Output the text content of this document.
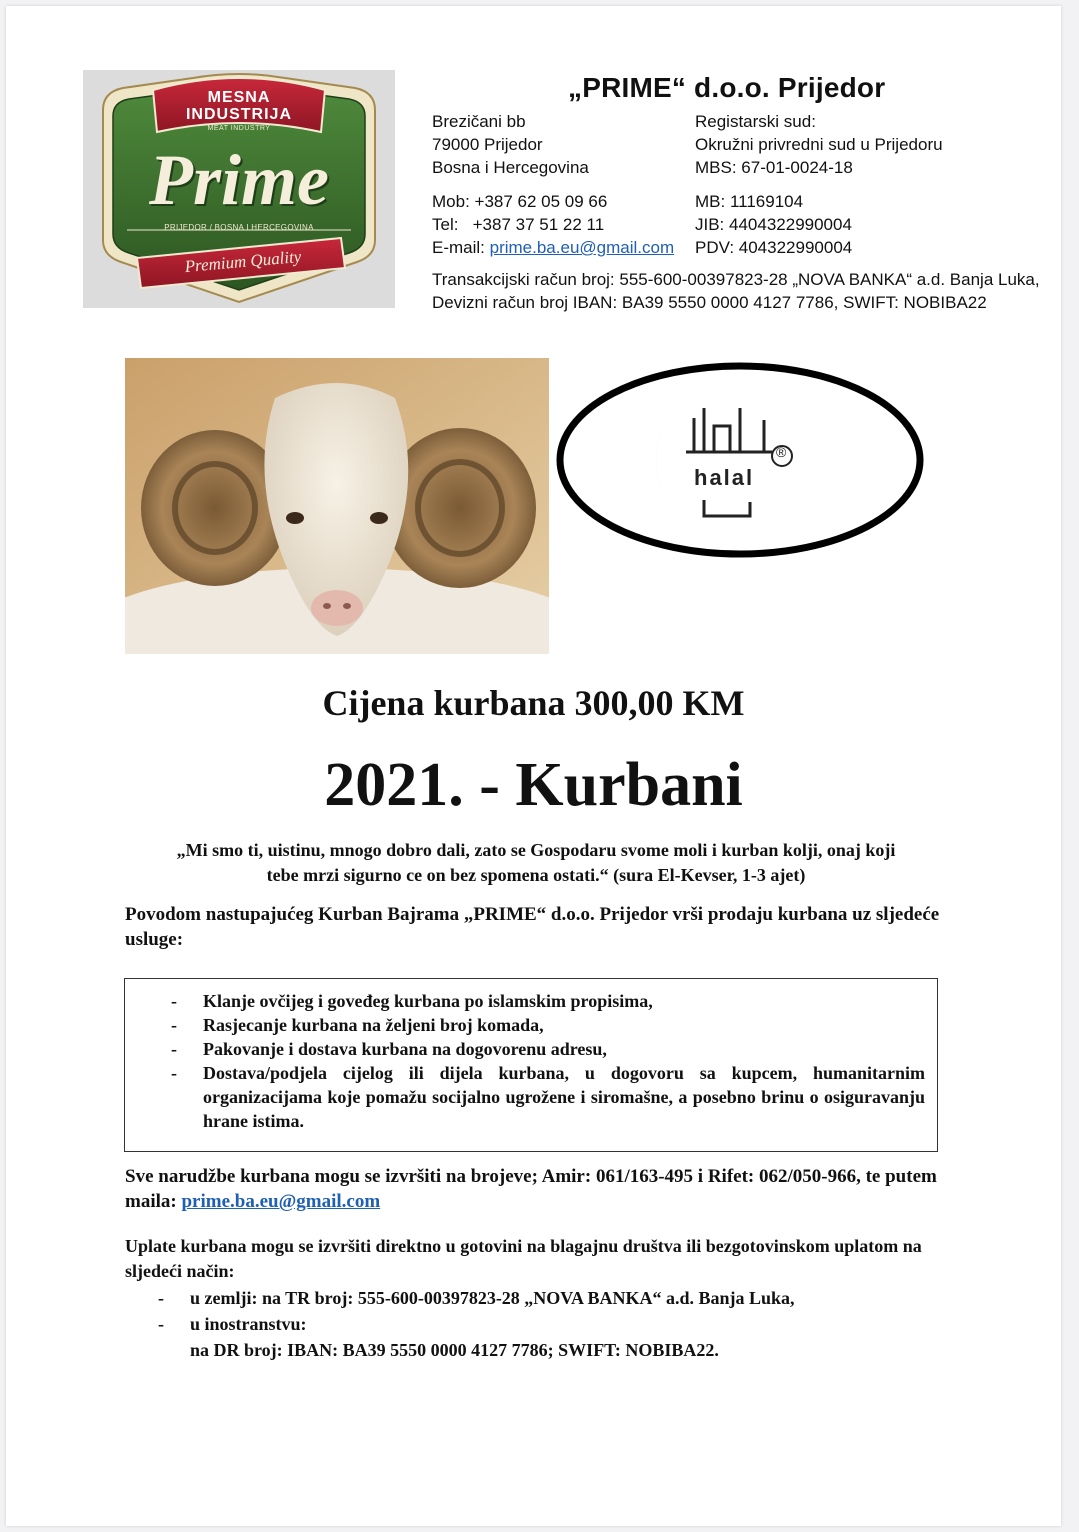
MESNA
INDUSTRIJA
MEAT INDUSTRY
Prime
PRIJEDOR / BOSNA I HERCEGOVINA
Premium Quality
„PRIME“ d.o.o. Prijedor
Brezičani bb
79000 Prijedor
Bosna i Hercegovina
Mob: +387 62 05 09 66
Tel:   +387 37 51 22 11
E-mail: prime.ba.eu@gmail.com
Registarski sud:
Okružni privredni sud u Prijedoru
MBS: 67-01-0024-18
MB: 11169104
JIB: 4404322990004
PDV: 404322990004
Transakcijski račun broj: 555-600-00397823-28 „NOVA BANKA“ a.d. Banja Luka,
Devizni račun broj IBAN: BA39 5550 0000 4127 7786, SWIFT: NOBIBA22
halal
®
Cijena kurbana 300,00 KM
2021. - Kurbani
„Mi smo ti, uistinu, mnogo dobro dali, zato se Gospodaru svome moli i kurban kolji, onaj koji
tebe mrzi sigurno ce on bez spomena ostati.“ (sura El-Kevser, 1-3 ajet)
Povodom nastupajućeg Kurban Bajrama „PRIME“ d.o.o. Prijedor vrši prodaju kurbana uz sljedeće usluge:
- Klanje ovčijeg i goveđeg kurbana po islamskim propisima,
- Rasjecanje kurbana na željeni broj komada,
- Pakovanje i dostava kurbana na dogovorenu adresu,
- Dostava/podjela cijelog ili dijela kurbana, u dogovoru sa kupcem, humanitarnim organizacijama koje pomažu socijalno ugrožene i siromašne, a posebno brinu o osiguravanju hrane istima.
Sve narudžbe kurbana mogu se izvršiti na brojeve; Amir: 061/163-495 i Rifet: 062/050-966, te putem maila: prime.ba.eu@gmail.com
Uplate kurbana mogu se izvršiti direktno u gotovini na blagajnu društva ili bezgotovinskom uplatom na sljedeći način:
- u zemlji: na TR broj: 555-600-00397823-28 „NOVA BANKA“ a.d. Banja Luka,
- u inostranstvu:
na DR broj: IBAN: BA39 5550 0000 4127 7786; SWIFT: NOBIBA22.
